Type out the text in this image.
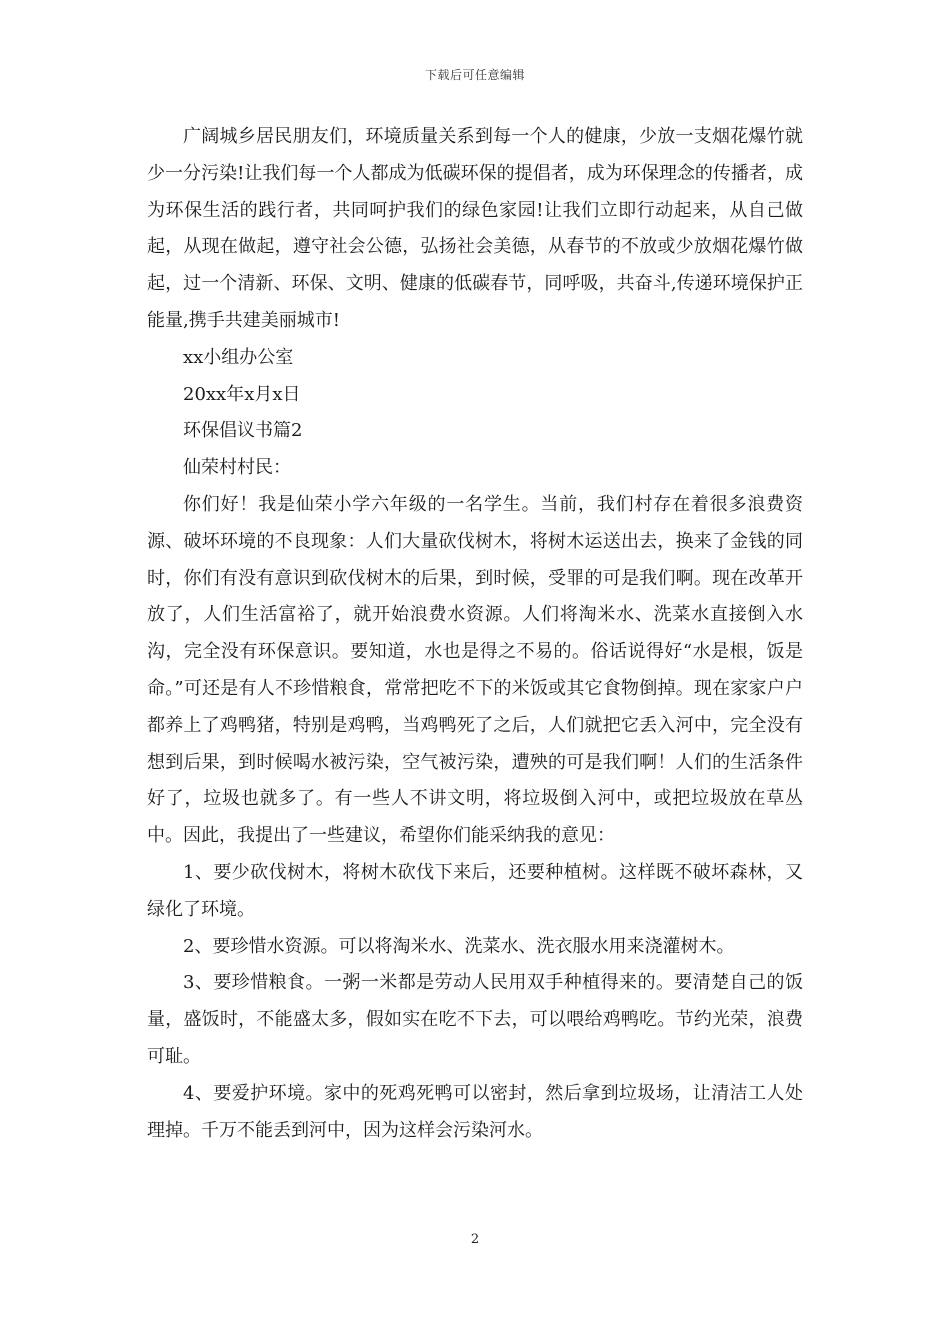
下载后可任意编辑

广阔城乡居民朋友们，环境质量关系到每一个人的健康，少放一支烟花爆竹就少一分污染!让我们每一个人都成为低碳环保的提倡者，成为环保理念的传播者，成为环保生活的践行者，共同呵护我们的绿色家园!让我们立即行动起来，从自己做起，从现在做起，遵守社会公德，弘扬社会美德，从春节的不放或少放烟花爆竹做起，过一个清新、环保、文明、健康的低碳春节，同呼吸，共奋斗,传递环境保护正能量,携手共建美丽城市!

xx小组办公室

20xx年x月x日

环保倡议书篇2

仙荣村村民：

你们好！我是仙荣小学六年级的一名学生。当前，我们村存在着很多浪费资源、破坏环境的不良现象：人们大量砍伐树木，将树木运送出去，换来了金钱的同时，你们有没有意识到砍伐树木的后果，到时候，受罪的可是我们啊。现在改革开放了，人们生活富裕了，就开始浪费水资源。人们将淘米水、洗菜水直接倒入水沟，完全没有环保意识。要知道，水也是得之不易的。俗话说得好“水是根，饭是命。”可还是有人不珍惜粮食，常常把吃不下的米饭或其它食物倒掉。现在家家户户都养上了鸡鸭猪，特别是鸡鸭，当鸡鸭死了之后，人们就把它丢入河中，完全没有想到后果，到时候喝水被污染，空气被污染，遭殃的可是我们啊！人们的生活条件好了，垃圾也就多了。有一些人不讲文明，将垃圾倒入河中，或把垃圾放在草丛中。因此，我提出了一些建议，希望你们能采纳我的意见：

1、要少砍伐树木，将树木砍伐下来后，还要种植树。这样既不破坏森林，又绿化了环境。

2、要珍惜水资源。可以将淘米水、洗菜水、洗衣服水用来浇灌树木。

3、要珍惜粮食。一粥一米都是劳动人民用双手种植得来的。要清楚自己的饭量，盛饭时，不能盛太多，假如实在吃不下去，可以喂给鸡鸭吃。节约光荣，浪费可耻。

4、要爱护环境。家中的死鸡死鸭可以密封，然后拿到垃圾场，让清洁工人处理掉。千万不能丢到河中，因为这样会污染河水。

2
